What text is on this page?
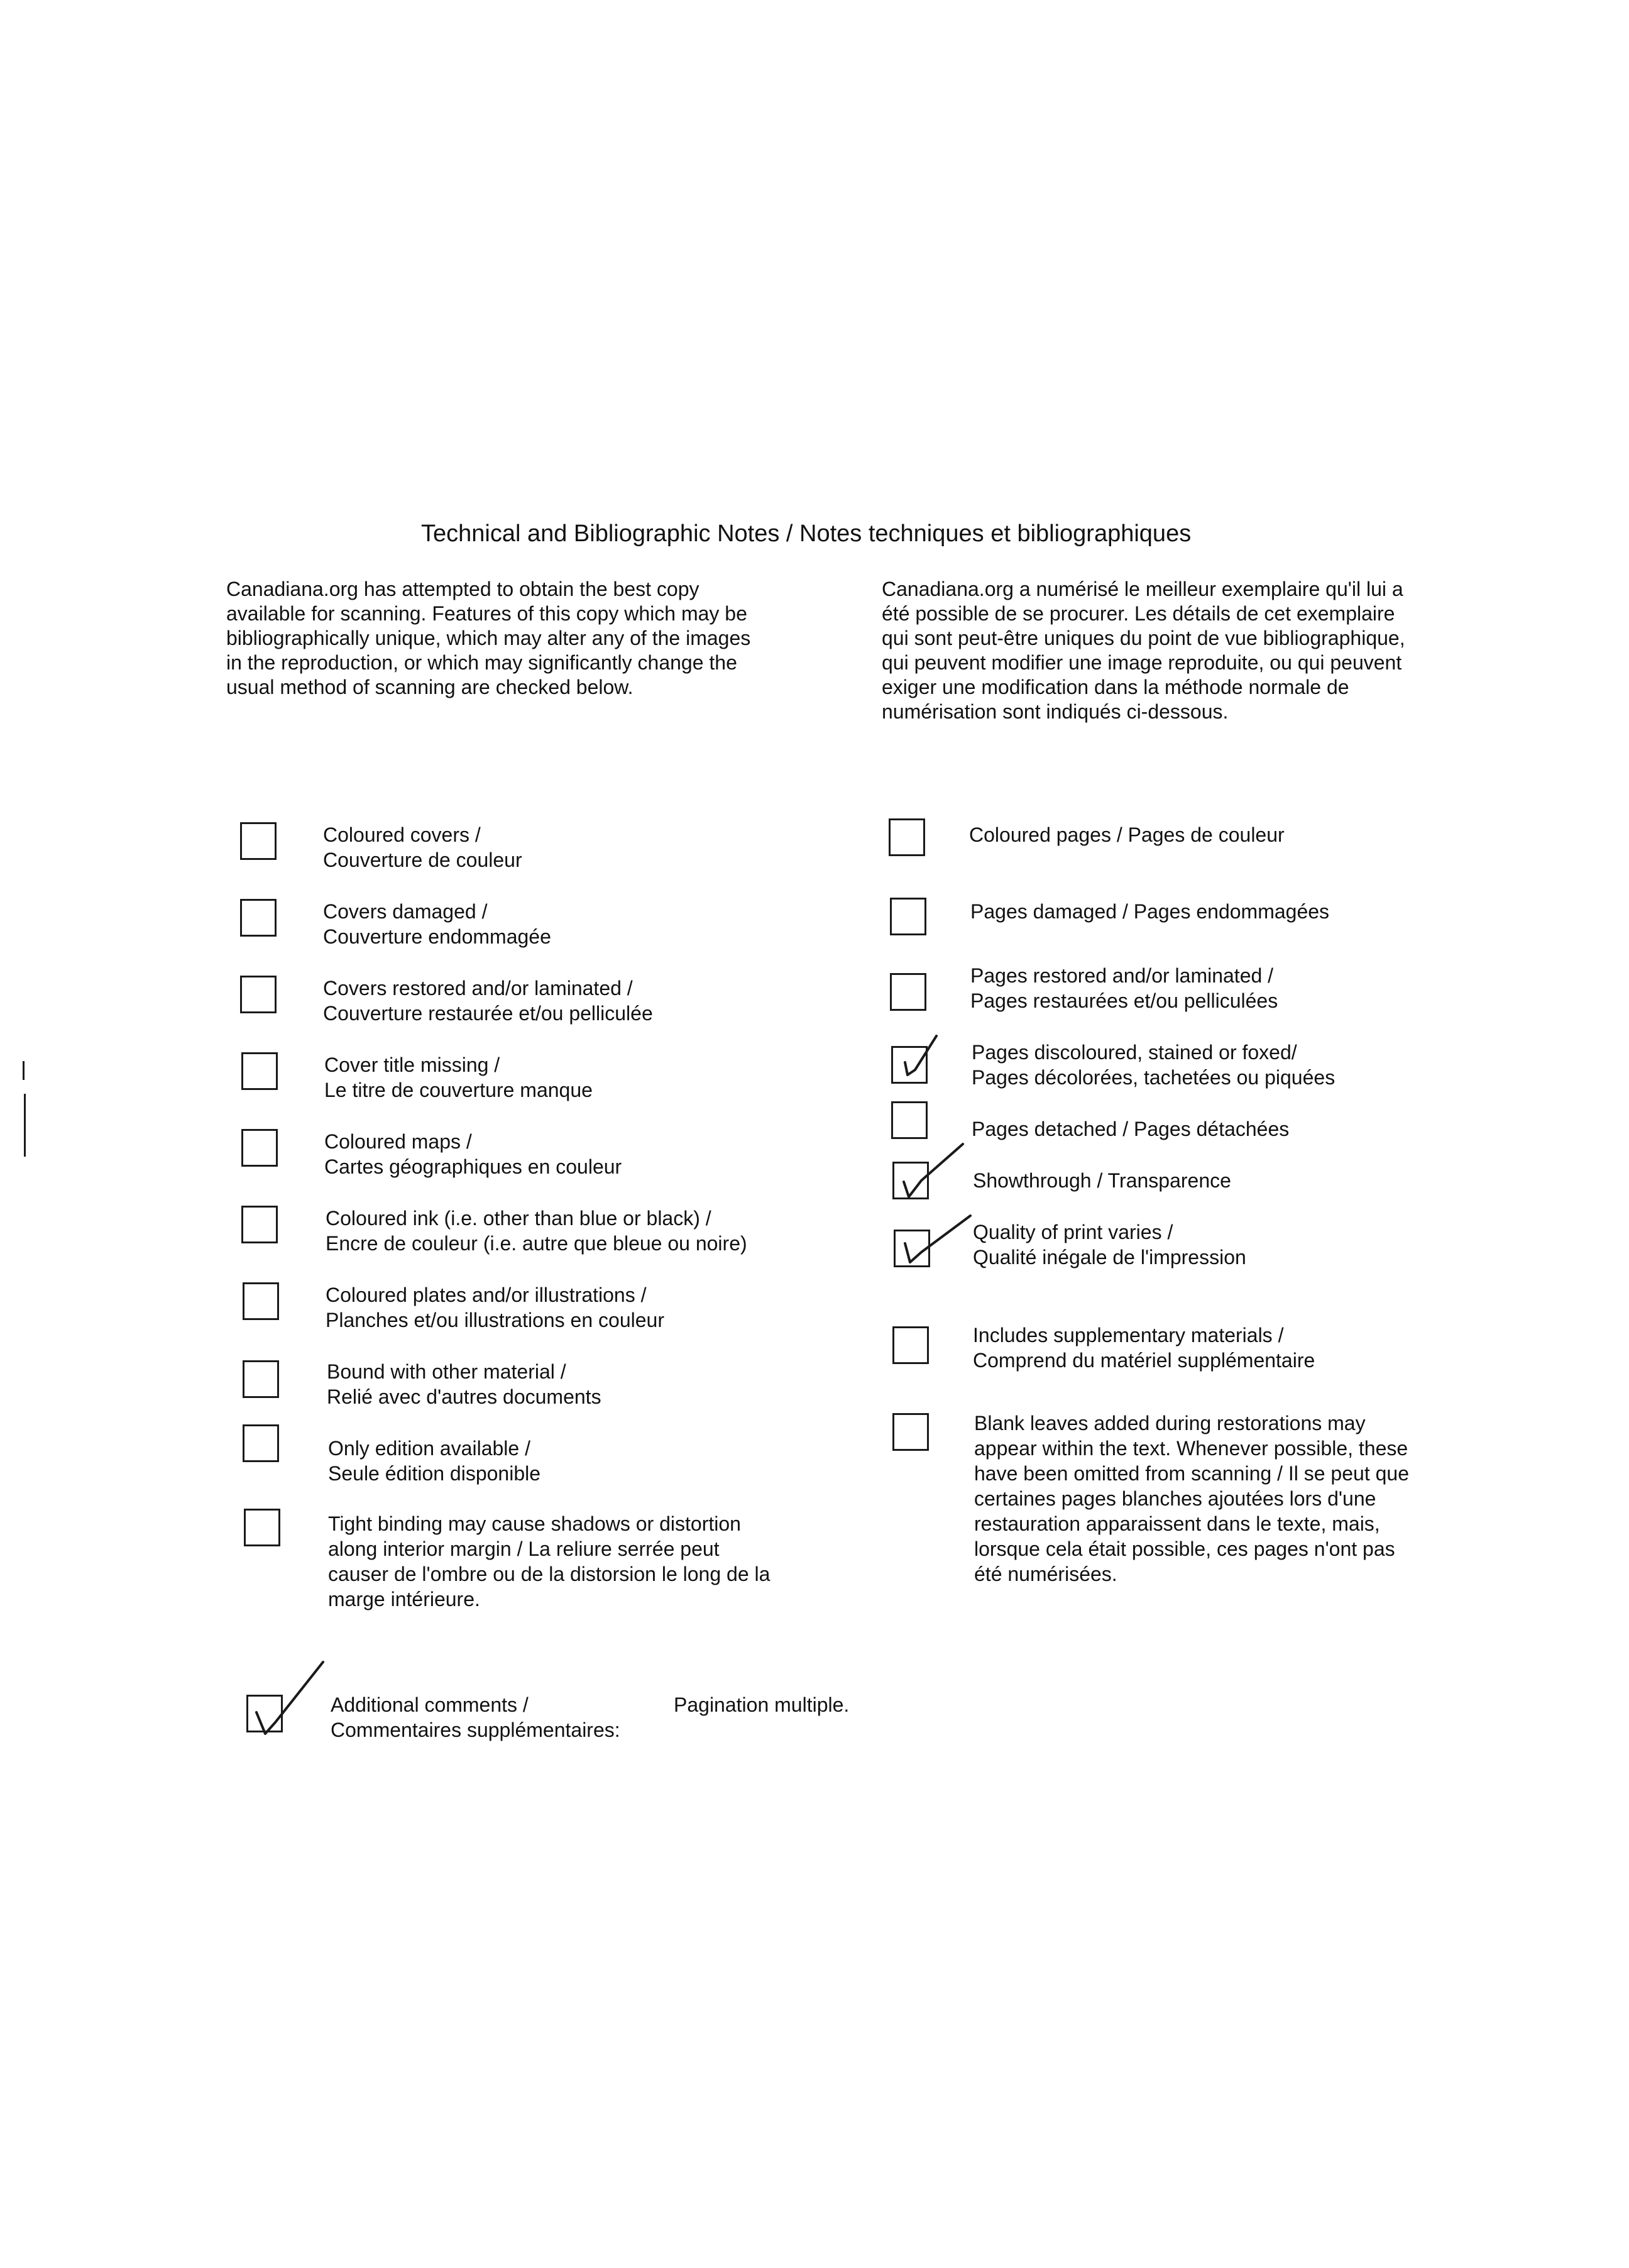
Technical and Bibliographic Notes / Notes techniques et bibliographiques
Canadiana.org has attempted to obtain the best copy
available for scanning. Features of this copy which may be
bibliographically unique, which may alter any of the images
in the reproduction, or which may significantly change the
usual method of scanning are checked below.
Canadiana.org a numérisé le meilleur exemplaire qu'il lui a
été possible de se procurer. Les détails de cet exemplaire
qui sont peut-être uniques du point de vue bibliographique,
qui peuvent modifier une image reproduite, ou qui peuvent
exiger une modification dans la méthode normale de
numérisation sont indiqués ci-dessous.
Coloured covers /
Couverture de couleur
Covers damaged /
Couverture endommagée
Covers restored and/or laminated /
Couverture restaurée et/ou pelliculée
Cover title missing /
Le titre de couverture manque
Coloured maps /
Cartes géographiques en couleur
Coloured ink (i.e. other than blue or black) /
Encre de couleur (i.e. autre que bleue ou noire)
Coloured plates and/or illustrations /
Planches et/ou illustrations en couleur
Bound with other material /
Relié avec d'autres documents
Only edition available /
Seule édition disponible
Tight binding may cause shadows or distortion
along interior margin / La reliure serrée peut
causer de l'ombre ou de la distorsion le long de la
marge intérieure.
Coloured pages / Pages de couleur
Pages damaged / Pages endommagées
Pages restored and/or laminated /
Pages restaurées et/ou pelliculées
Pages discoloured, stained or foxed/
Pages décolorées, tachetées ou piquées
Pages detached / Pages détachées
Showthrough / Transparence
Quality of print varies /
Qualité inégale de l'impression
Includes supplementary materials /
Comprend du matériel supplémentaire
Blank leaves added during restorations may
appear within the text. Whenever possible, these
have been omitted from scanning / Il se peut que
certaines pages blanches ajoutées lors d'une
restauration apparaissent dans le texte, mais,
lorsque cela était possible, ces pages n'ont pas
été numérisées.
Additional comments /
Commentaires supplémentaires:
Pagination multiple.
